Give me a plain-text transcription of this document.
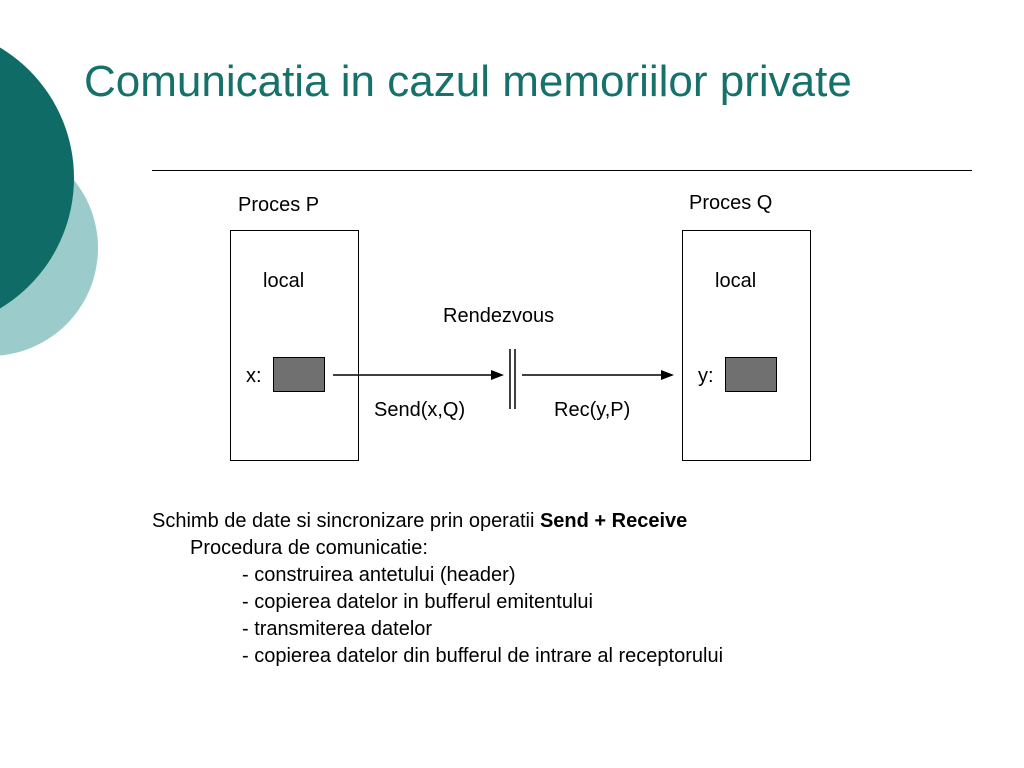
Comunicatia in cazul memoriilor private
Proces P
local
x:
Proces Q
local
y:
Rendezvous
Send(x,Q)	Rec(y,P)

Schimb de date si sincronizare prin operatii Send + Receive

Procedura de comunicatie:

- construirea antetului (header)

- copierea datelor in bufferul emitentului

- transmiterea datelor

- copierea datelor din bufferul de intrare al receptorului
